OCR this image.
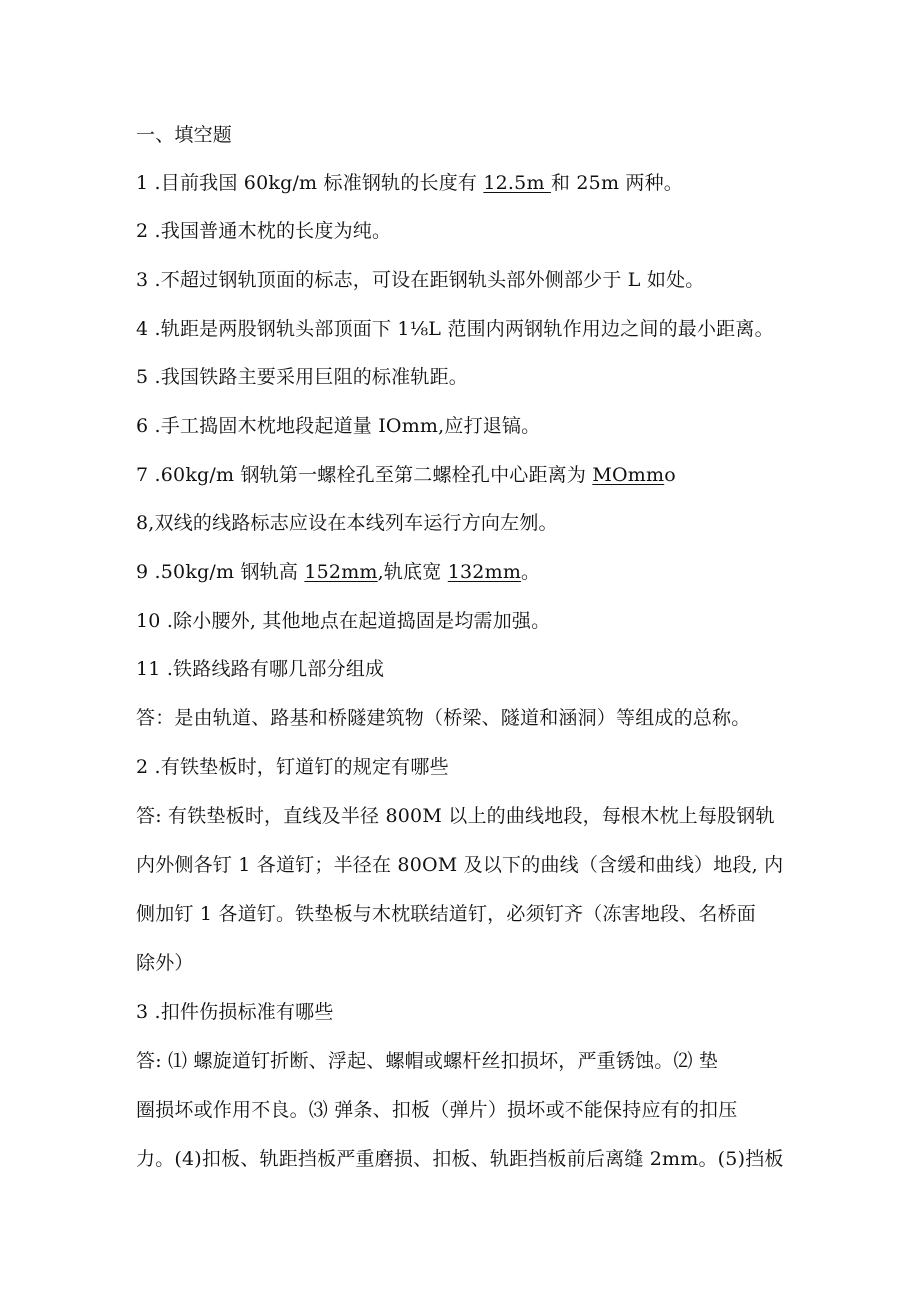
一、填空题
1 .目前我国 60kg/m 标准钢轨的长度有 12.5m 和 25m 两种。
2 .我国普通木枕的长度为纯。
3 .不超过钢轨顶面的标志，可设在距钢轨头部外侧部少于 L 如处。
4 .轨距是两股钢轨头部顶面下 1⅛L 范围内两钢轨作用边之间的最小距离。
5 .我国铁路主要采用巨阻的标准轨距。
6 .手工捣固木枕地段起道量 IOmm,应打退镐。
7 .60kg/m 钢轨第一螺栓孔至第二螺栓孔中心距离为 MOmmo
8,双线的线路标志应设在本线列车运行方向左刎。
9 .50kg/m 钢轨高 152mm,轨底宽 132mm。
10 .除小腰外, 其他地点在起道捣固是均需加强。
11 .铁路线路有哪几部分组成
答：是由轨道、路基和桥隧建筑物（桥梁、隧道和涵洞）等组成的总称。
2 .有铁垫板时，钉道钉的规定有哪些
答: 有铁垫板时，直线及半径 800M 以上的曲线地段，每根木枕上每股钢轨
内外侧各钉 1 各道钉；半径在 80OM 及以下的曲线（含缓和曲线）地段, 内
侧加钉 1 各道钉。铁垫板与木枕联结道钉，必须钉齐（冻害地段、名桥面
除外）
3 .扣件伤损标准有哪些
答: ⑴ 螺旋道钉折断、浮起、螺帽或螺杆丝扣损坏，严重锈蚀。⑵ 垫
圈损坏或作用不良。⑶ 弹条、扣板（弹片）损坏或不能保持应有的扣压
力。(4)扣板、轨距挡板严重磨损、扣板、轨距挡板前后离缝 2mm。(5)挡板
